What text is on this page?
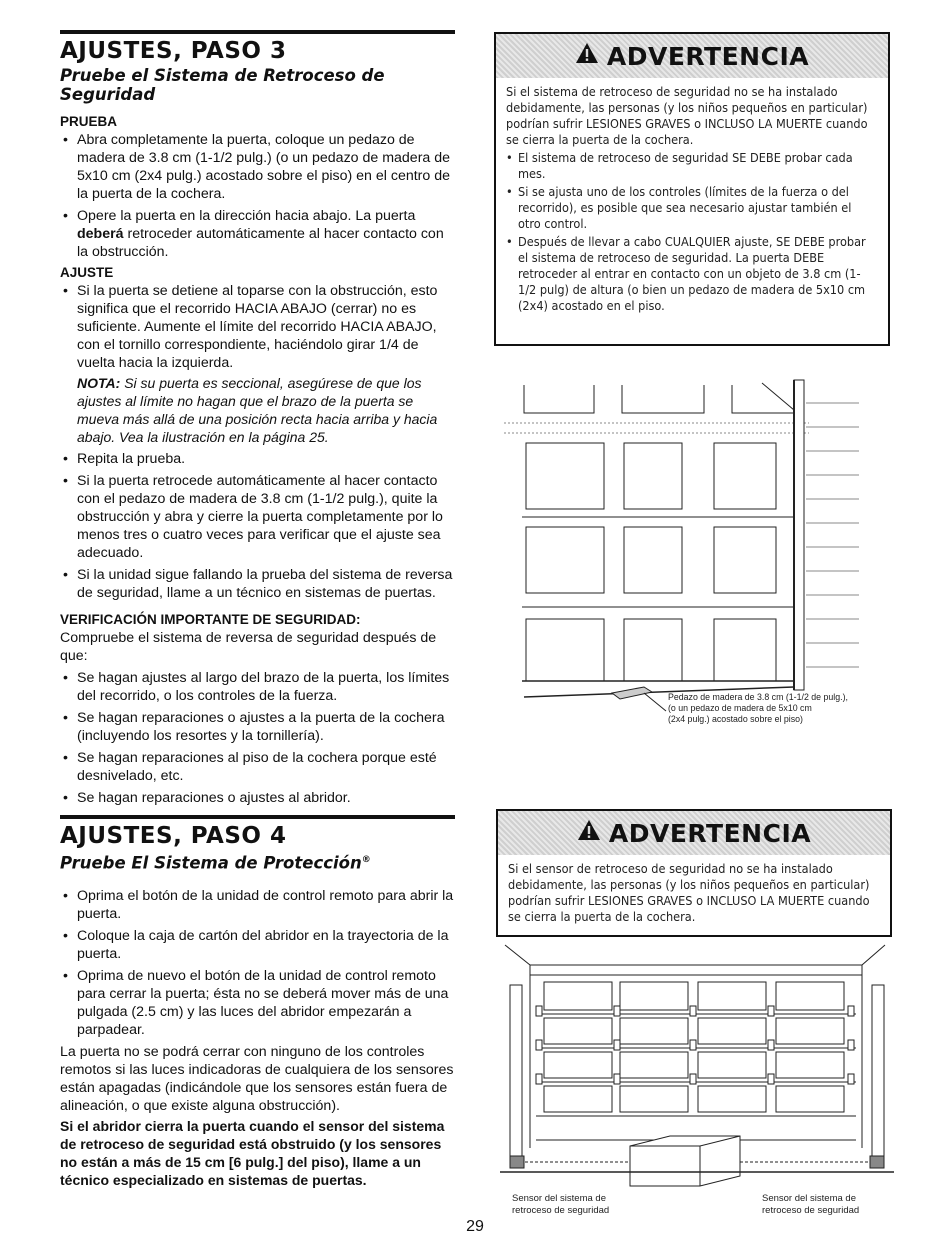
AJUSTES, PASO 3
Pruebe el Sistema de Retroceso de Seguridad
PRUEBA
• Abra completamente la puerta, coloque un pedazo de madera de 3.8 cm (1-1/2 pulg.) (o un pedazo de madera de 5x10 cm (2x4 pulg.) acostado sobre el piso) en el centro de la puerta de la cochera.
• Opere la puerta en la dirección hacia abajo. La puerta deberá retroceder automáticamente al hacer contacto con la obstrucción.
AJUSTE
• Si la puerta se detiene al toparse con la obstrucción, esto significa que el recorrido HACIA ABAJO (cerrar) no es suficiente. Aumente el límite del recorrido HACIA ABAJO, con el tornillo correspondiente, haciéndolo girar 1/4 de vuelta hacia la izquierda.
NOTA: Si su puerta es seccional, asegúrese de que los ajustes al límite no hagan que el brazo de la puerta se mueva más allá de una posición recta hacia arriba y hacia abajo. Vea la ilustración en la página 25.
• Repita la prueba.
• Si la puerta retrocede automáticamente al hacer contacto con el pedazo de madera de 3.8 cm (1-1/2 pulg.), quite la obstrucción y abra y cierre la puerta completamente por lo menos tres o cuatro veces para verificar que el ajuste sea adecuado.
• Si la unidad sigue fallando la prueba del sistema de reversa de seguridad, llame a un técnico en sistemas de puertas.
VERIFICACIÓN IMPORTANTE DE SEGURIDAD:

Compruebe el sistema de reversa de seguridad después de que:

• Se hagan ajustes al largo del brazo de la puerta, los límites del recorrido, o los controles de la fuerza.
• Se hagan reparaciones o ajustes a la puerta de la cochera (incluyendo los resortes y la tornillería).
• Se hagan reparaciones al piso de la cochera porque esté desnivelado, etc.
• Se hagan reparaciones o ajustes al abridor.
AJUSTES, PASO 4
Pruebe El Sistema de Protección®
• Oprima el botón de la unidad de control remoto para abrir la puerta.
• Coloque la caja de cartón del abridor en la trayectoria de la puerta.
• Oprima de nuevo el botón de la unidad de control remoto para cerrar la puerta; ésta no se deberá mover más de una pulgada (2.5 cm) y las luces del abridor empezarán a parpadear.

La puerta no se podrá cerrar con ninguno de los controles remotos si las luces indicadoras de cualquiera de los sensores están apagadas (indicándole que los sensores están fuera de alineación, o que existe alguna obstrucción).

Si el abridor cierra la puerta cuando el sensor del sistema de retroceso de seguridad está obstruido (y los sensores no están a más de 15 cm [6 pulg.] del piso), llame a un técnico especializado en sistemas de puertas.

ADVERTENCIA

Si el sistema de retroceso de seguridad no se ha instalado debidamente, las personas (y los niños pequeños en particular) podrían sufrir LESIONES GRAVES o INCLUSO LA MUERTE cuando se cierra la puerta de la cochera.

• El sistema de retroceso de seguridad SE DEBE probar cada mes.
• Si se ajusta uno de los controles (límites de la fuerza o del recorrido), es posible que sea necesario ajustar también el otro control.
• Después de llevar a cabo CUALQUIER ajuste, SE DEBE probar el sistema de retroceso de seguridad. La puerta DEBE retroceder al entrar en contacto con un objeto de 3.8 cm (1-1/2 pulg) de altura (o bien un pedazo de madera de 5x10 cm (2x4) acostado en el piso.
Pedazo de madera de 3.8 cm (1-1/2 de pulg.),
(o un pedazo de madera de 5x10 cm
(2x4 pulg.) acostado sobre el piso)
ADVERTENCIA

Si el sensor de retroceso de seguridad no se ha instalado debidamente, las personas (y los niños pequeños en particular) podrían sufrir LESIONES GRAVES o INCLUSO LA MUERTE cuando se cierra la puerta de la cochera.

Sensor del sistema de
retroceso de seguridad
Sensor del sistema de
retroceso de seguridad
29
